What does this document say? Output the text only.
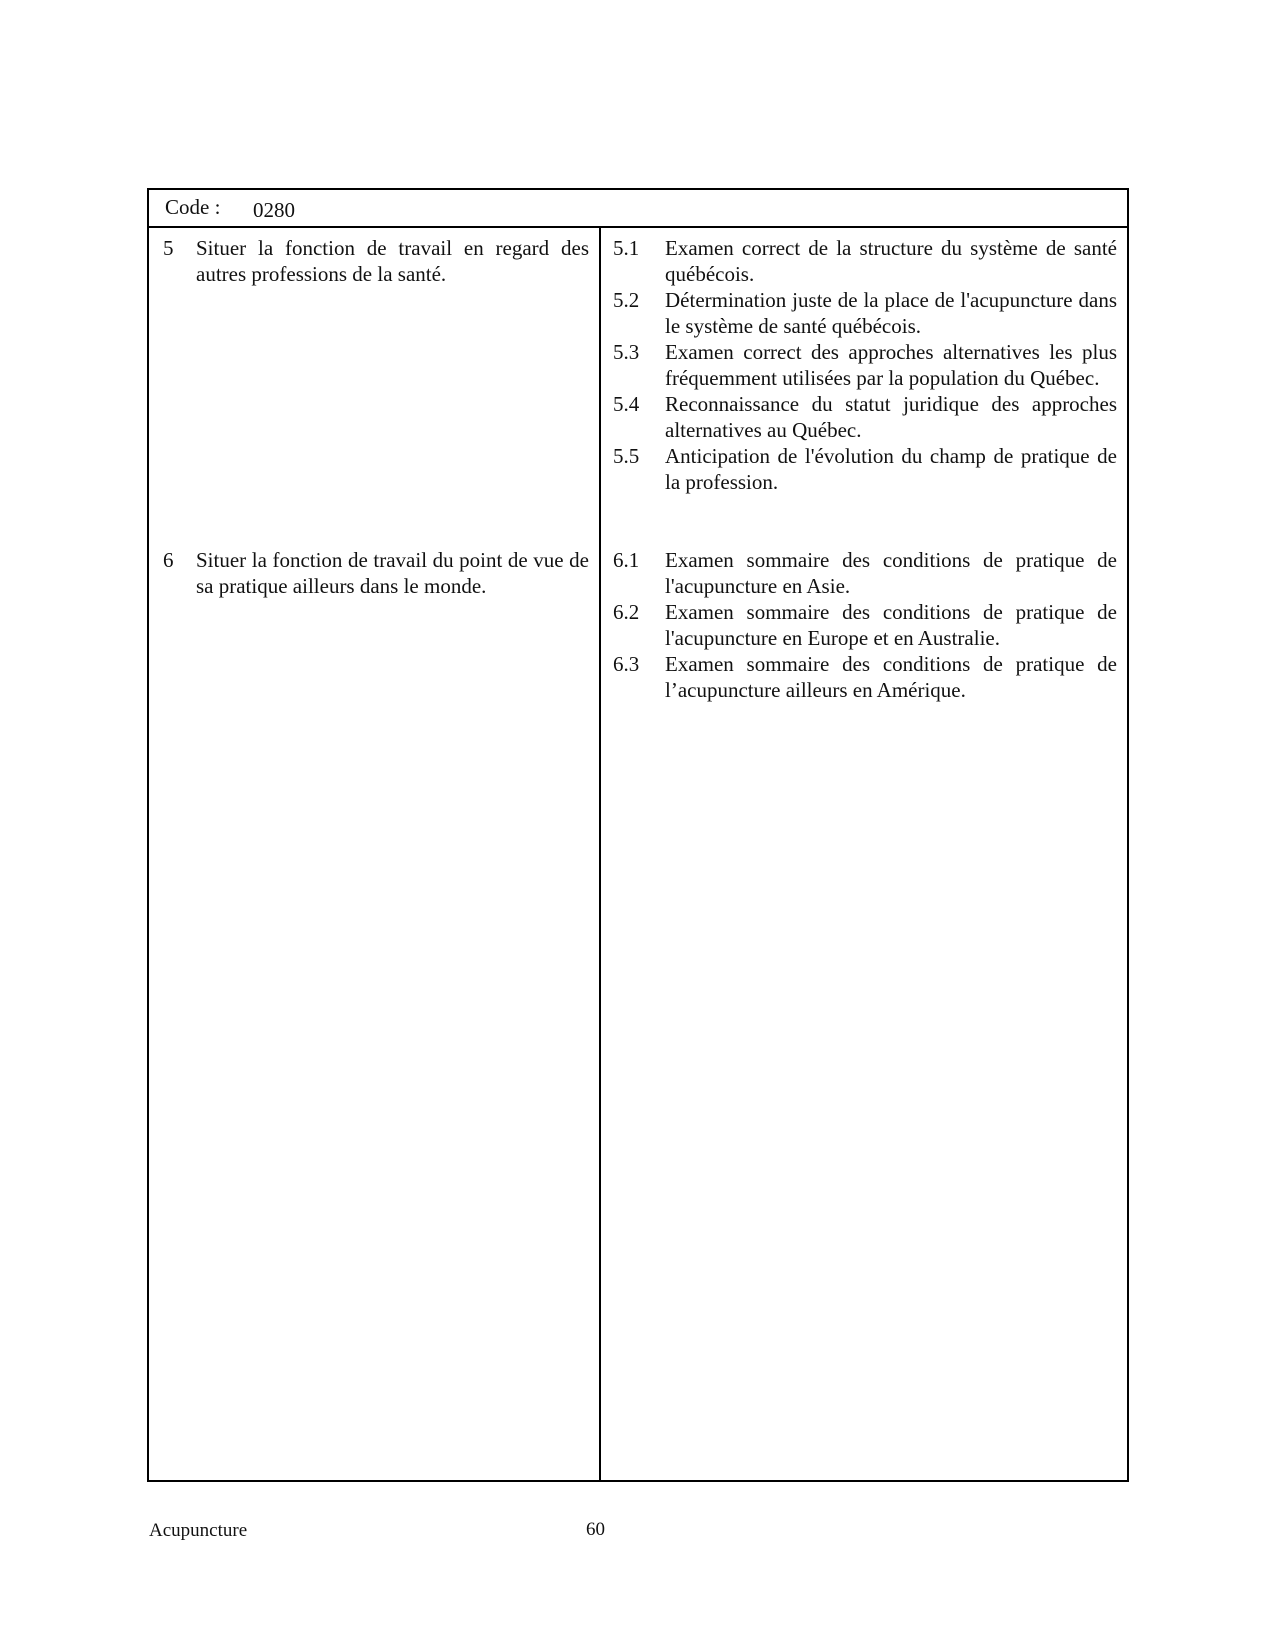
Code : 0280
5 Situer la fonction de travail en regard des autres professions de la santé.
5.1 Examen correct de la structure du système de santé québécois.
5.2 Détermination juste de la place de l'acupuncture dans le système de santé québécois.
5.3 Examen correct des approches alternatives les plus fréquemment utilisées par la population du Québec.
5.4 Reconnaissance du statut juridique des approches alternatives au Québec.
5.5 Anticipation de l'évolution du champ de pratique de la profession.
6 Situer la fonction de travail du point de vue de sa pratique ailleurs dans le monde.
6.1 Examen sommaire des conditions de pratique de l'acupuncture en Asie.
6.2 Examen sommaire des conditions de pratique de l'acupuncture en Europe et en Australie.
6.3 Examen sommaire des conditions de pratique de l’acupuncture ailleurs en Amérique.
Acupuncture	60
